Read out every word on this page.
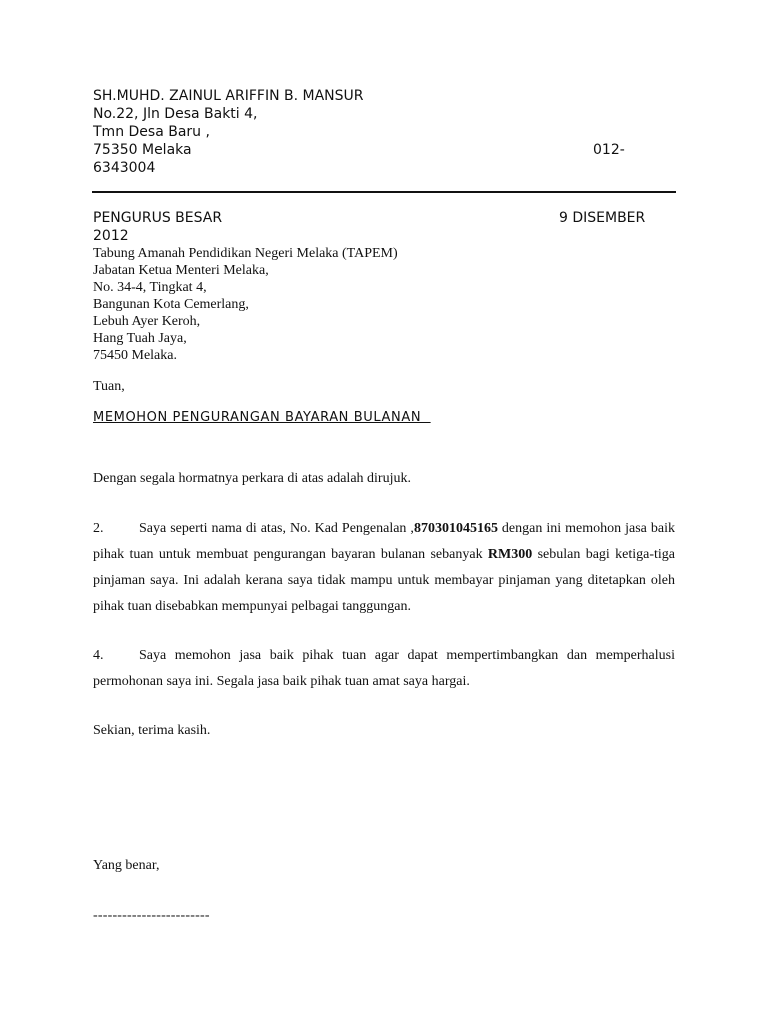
SH.MUHD. ZAINUL ARIFFIN B. MANSUR
No.22, Jln Desa Bakti 4,
Tmn Desa Baru ,
75350 Melaka	012-
6343004
PENGURUS BESAR	9 DISEMBER
2012
Tabung Amanah Pendidikan Negeri Melaka (TAPEM)
Jabatan Ketua Menteri Melaka,
No. 34-4, Tingkat 4,
Bangunan Kota Cemerlang,
Lebuh Ayer Keroh,
Hang Tuah Jaya,
75450 Melaka.
Tuan,
MEMOHON PENGURANGAN BAYARAN BULANAN
Dengan segala hormatnya perkara di atas adalah dirujuk.
2.	Saya seperti nama di atas, No. Kad Pengenalan ,870301045165 dengan ini memohon jasa baik pihak tuan untuk membuat pengurangan bayaran bulanan sebanyak RM300 sebulan bagi ketiga-tiga pinjaman saya. Ini adalah kerana saya tidak mampu untuk membayar pinjaman yang ditetapkan oleh pihak tuan disebabkan mempunyai pelbagai tanggungan.
4.	Saya memohon jasa baik pihak tuan agar dapat mempertimbangkan dan memperhalusi permohonan saya ini. Segala jasa baik pihak tuan amat saya hargai.
Sekian, terima kasih.
Yang benar,
------------------------
